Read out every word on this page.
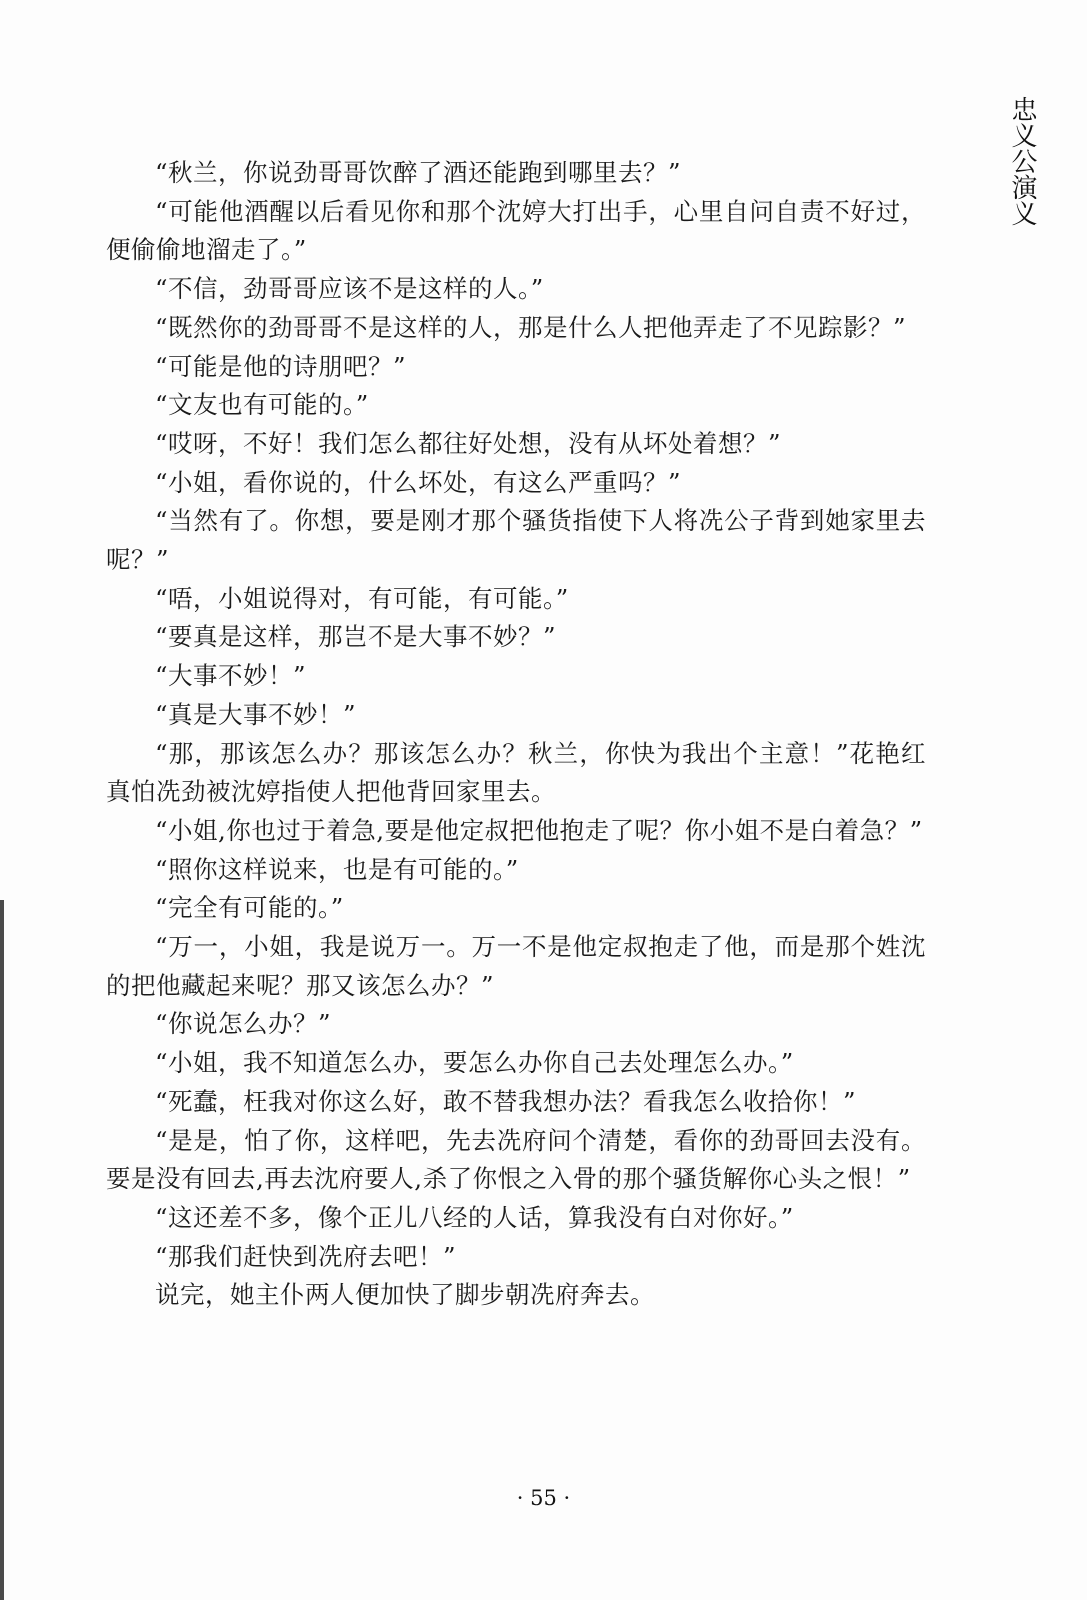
忠义公演义

“秋兰，你说劲哥哥饮醉了酒还能跑到哪里去？”

“可能他酒醒以后看见你和那个沈婷大打出手，心里自问自责不好过，便偷偷地溜走了。”

“不信，劲哥哥应该不是这样的人。”

“既然你的劲哥哥不是这样的人，那是什么人把他弄走了不见踪影？”

“可能是他的诗朋吧？”

“文友也有可能的。”

“哎呀，不好！我们怎么都往好处想，没有从坏处着想？”

“小姐，看你说的，什么坏处，有这么严重吗？”

“当然有了。你想，要是刚才那个骚货指使下人将冼公子背到她家里去呢？”

“唔，小姐说得对，有可能，有可能。”

“要真是这样，那岂不是大事不妙？”

“大事不妙！”

“真是大事不妙！”

“那，那该怎么办？那该怎么办？秋兰，你快为我出个主意！”花艳红真怕冼劲被沈婷指使人把他背回家里去。

“小姐,你也过于着急,要是他定叔把他抱走了呢？你小姐不是白着急？”

“照你这样说来，也是有可能的。”

“完全有可能的。”

“万一，小姐，我是说万一。万一不是他定叔抱走了他，而是那个姓沈的把他藏起来呢？那又该怎么办？”

“你说怎么办？”

“小姐，我不知道怎么办，要怎么办你自己去处理怎么办。”

“死蠢，枉我对你这么好，敢不替我想办法？看我怎么收拾你！”

“是是，怕了你，这样吧，先去冼府问个清楚，看你的劲哥回去没有。要是没有回去,再去沈府要人,杀了你恨之入骨的那个骚货解你心头之恨！”

“这还差不多，像个正儿八经的人话，算我没有白对你好。”

“那我们赶快到冼府去吧！”

说完，她主仆两人便加快了脚步朝冼府奔去。

· 55 ·
